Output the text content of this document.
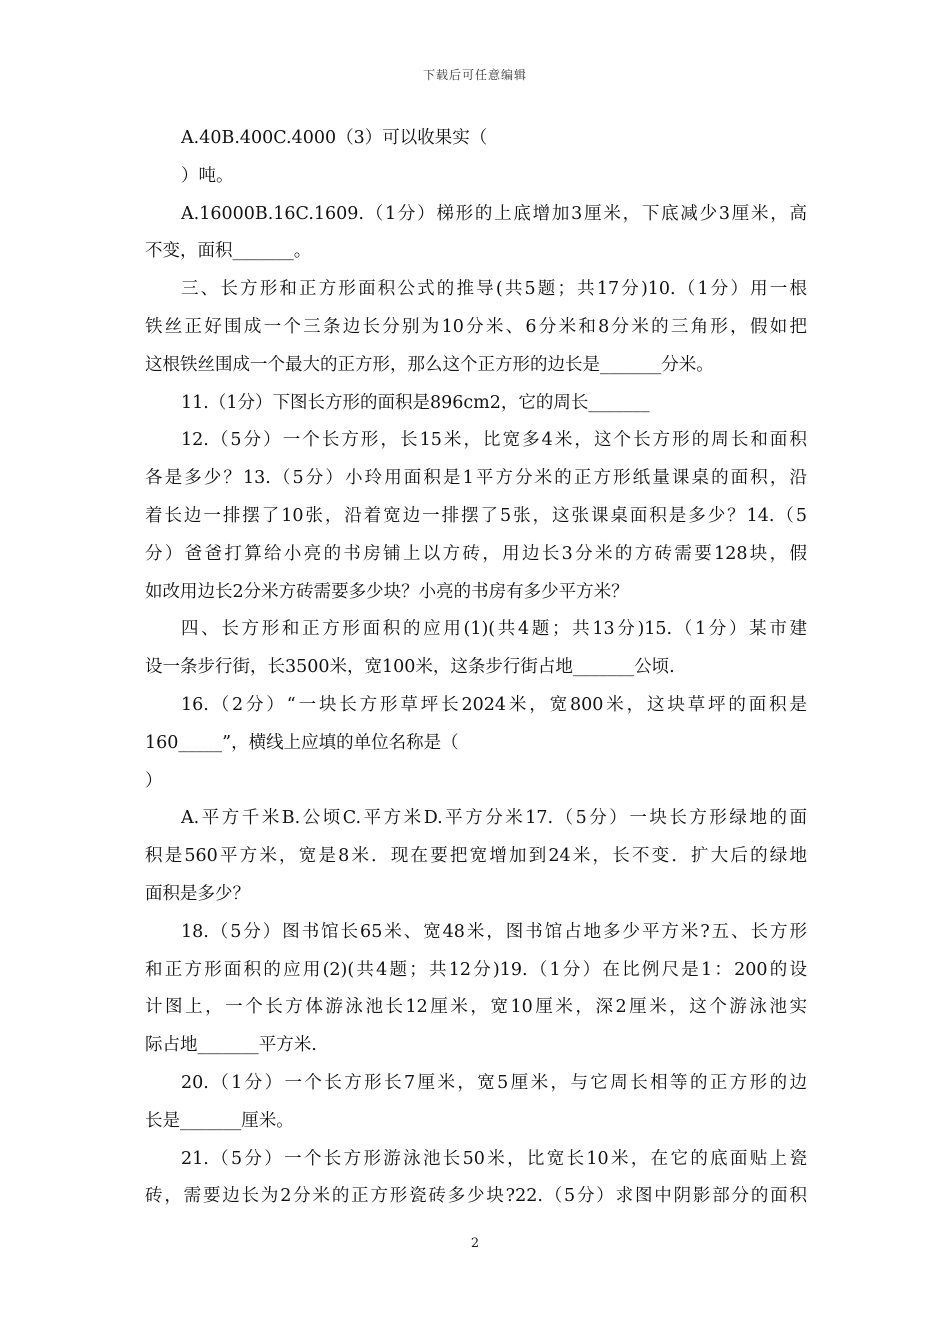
下载后可任意编辑
A.40B.400C.4000（3）可以收果实（
）吨。
A.16000B.16C.1609.（1分）梯形的上底增加3厘米，下底减少3厘米，高
不变，面积_______。
三、长方形和正方形面积公式的推导(共5题；共17分)10.（1分）用一根
铁丝正好围成一个三条边长分别为10分米、6分米和8分米的三角形，假如把
这根铁丝围成一个最大的正方形，那么这个正方形的边长是_______分米。
11.（1分）下图长方形的面积是896cm2，它的周长_______
12.（5分）一个长方形，长15米，比宽多4米，这个长方形的周长和面积
各是多少？13.（5分）小玲用面积是1平方分米的正方形纸量课桌的面积，沿
着长边一排摆了10张，沿着宽边一排摆了5张，这张课桌面积是多少？14.（5
分）爸爸打算给小亮的书房铺上以方砖，用边长3分米的方砖需要128块，假
如改用边长2分米方砖需要多少块？小亮的书房有多少平方米？
四、长方形和正方形面积的应用(1)(共4题；共13分)15.（1分）某市建
设一条步行街，长3500米，宽100米，这条步行街占地_______公顷.
16.（2分）“一块长方形草坪长2024米，宽800米，这块草坪的面积是
160_____”，横线上应填的单位名称是（
）
A.平方千米B.公顷C.平方米D.平方分米17.（5分）一块长方形绿地的面
积是560平方米，宽是8米．现在要把宽增加到24米，长不变．扩大后的绿地
面积是多少？
18.（5分）图书馆长65米、宽48米，图书馆占地多少平方米?五、长方形
和正方形面积的应用(2)(共4题；共12分)19.（1分）在比例尺是1：200的设
计图上，一个长方体游泳池长12厘米，宽10厘米，深2厘米，这个游泳池实
际占地_______平方米.
20.（1分）一个长方形长7厘米，宽5厘米，与它周长相等的正方形的边
长是_______厘米。
21.（5分）一个长方形游泳池长50米，比宽长10米，在它的底面贴上瓷
砖，需要边长为2分米的正方形瓷砖多少块?22.（5分）求图中阴影部分的面积
2
